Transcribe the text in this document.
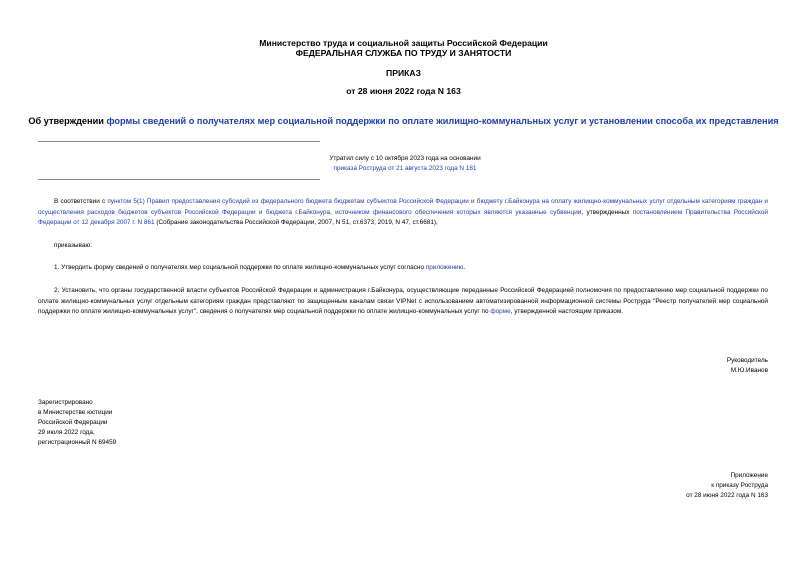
Министерство труда и социальной защиты Российской Федерации
ФЕДЕРАЛЬНАЯ СЛУЖБА ПО ТРУДУ И ЗАНЯТОСТИ
ПРИКАЗ
от 28 июня 2022 года N 163
Об утверждении формы сведений о получателях мер социальной поддержки по оплате жилищно-коммунальных услуг и установлении способа их представления
Утратил силу с 10 октября 2023 года на основании
приказа Роструда от 21 августа 2023 года N 181
В соответствии с пунктом 5(1) Правил предоставления субсидий из федерального бюджета бюджетам субъектов Российской Федерации и бюджету г.Байконура на оплату жилищно-коммунальных услуг отдельным категориям граждан и осуществления расходов бюджетов субъектов Российской Федерации и бюджета г.Байконура, источником финансового обеспечения которых являются указанные субвенции, утвержденных постановлением Правительства Российской Федерации от 12 декабря 2007 г. N 861 (Собрание законодательства Российской Федерации, 2007, N 51, ст.6373; 2019, N 47, ст.6681),
приказываю:
1. Утвердить форму сведений о получателях мер социальной поддержки по оплате жилищно-коммунальных услуг согласно приложению.
2. Установить, что органы государственной власти субъектов Российской Федерации и администрация г.Байконура, осуществляющие переданные Российской Федерацией полномочия по предоставлению мер социальной поддержки по оплате жилищно-коммунальных услуг отдельным категориям граждан представляют по защищенным каналам связи VIPNet с использованием автоматизированной информационной системы Роструда "Реестр получателей мер социальной поддержки по оплате жилищно-коммунальных услуг", сведения о получателях мер социальной поддержки по оплате жилищно-коммунальных услуг по форме, утвержденной настоящим приказом.
Руководитель
М.Ю.Иванов
Зарегистрировано
в Министерстве юстиции
Российской Федерации
29 июля 2022 года,
регистрационный N 69459
Приложение
к приказу Роструда
от 28 июня 2022 года N 163
